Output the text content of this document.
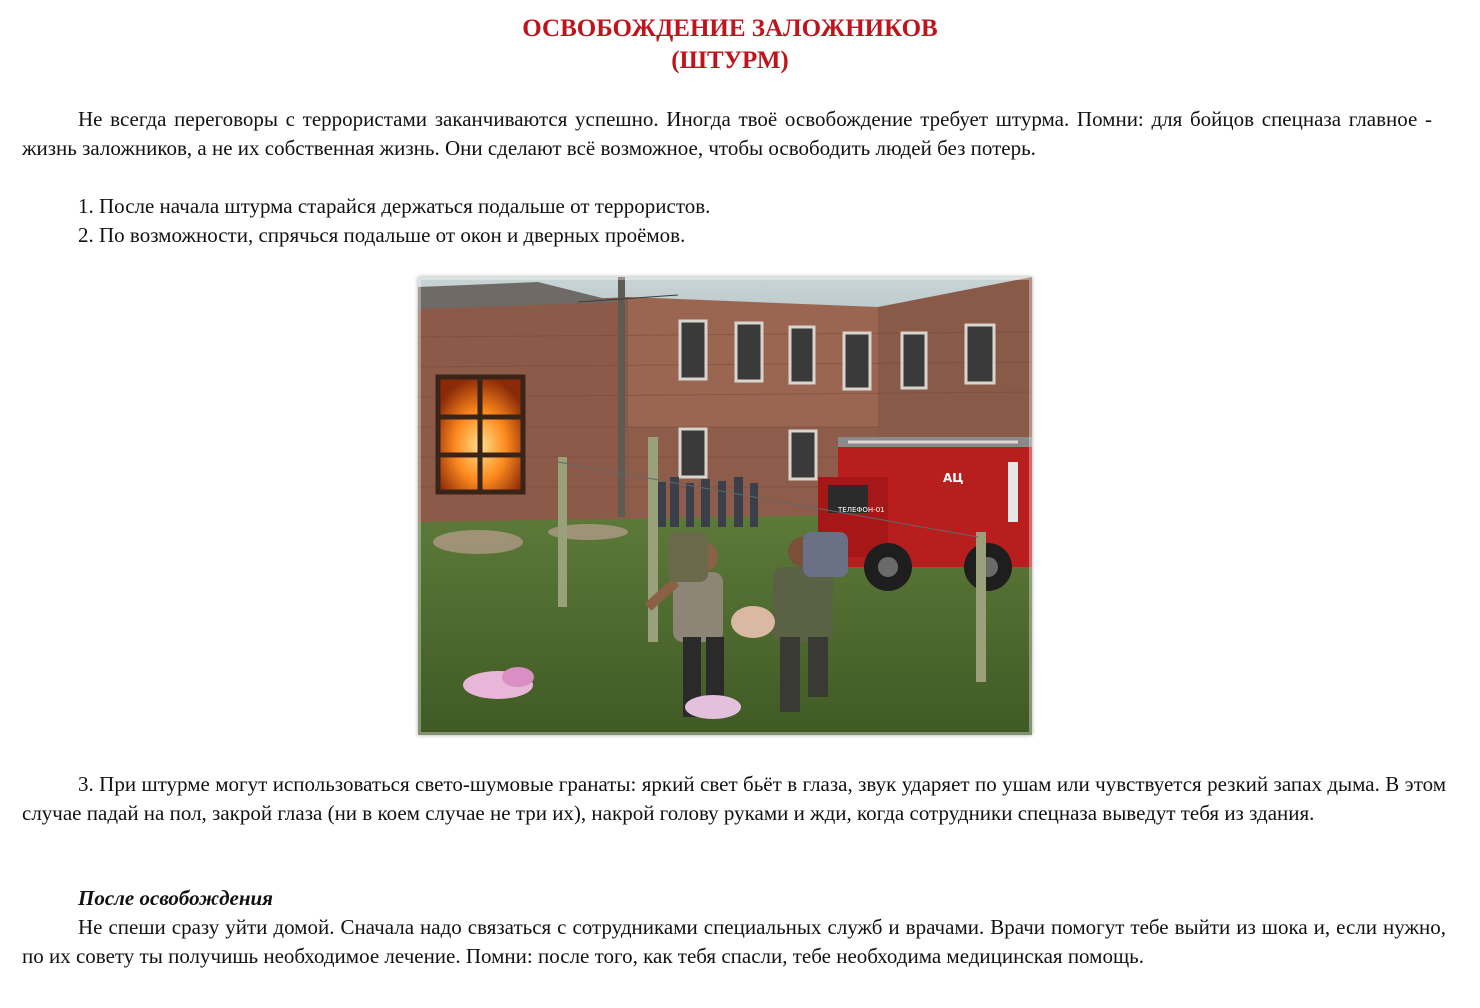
ОСВОБОЖДЕНИЕ ЗАЛОЖНИКОВ
(ШТУРМ)

Не всегда переговоры с террористами заканчиваются успешно. Иногда твоё освобождение требует штурма. Помни: для бойцов спецназа главное - жизнь заложников, а не их собственная жизнь. Они сделают всё возможное, чтобы освободить людей без потерь.

1. После начала штурма старайся держаться подальше от террористов.
2. По возможности, спрячься подальше от окон и дверных проёмов.
АЦ
ТЕЛЕФОН-01

3. При штурме могут использоваться свето-шумовые гранаты: яркий свет бьёт в глаза, звук ударяет по ушам или чувствуется резкий запах дыма. В этом случае падай на пол, закрой глаза (ни в коем случае не три их), накрой голову руками и жди, когда сотрудники спецназа выведут тебя из здания.

После освобождения

Не спеши сразу уйти домой. Сначала надо связаться с сотрудниками специальных служб и врачами. Врачи помогут тебе выйти из шока и, если нужно, по их совету ты получишь необходимое лечение. Помни: после того, как тебя спасли, тебе необходима медицинская помощь.
